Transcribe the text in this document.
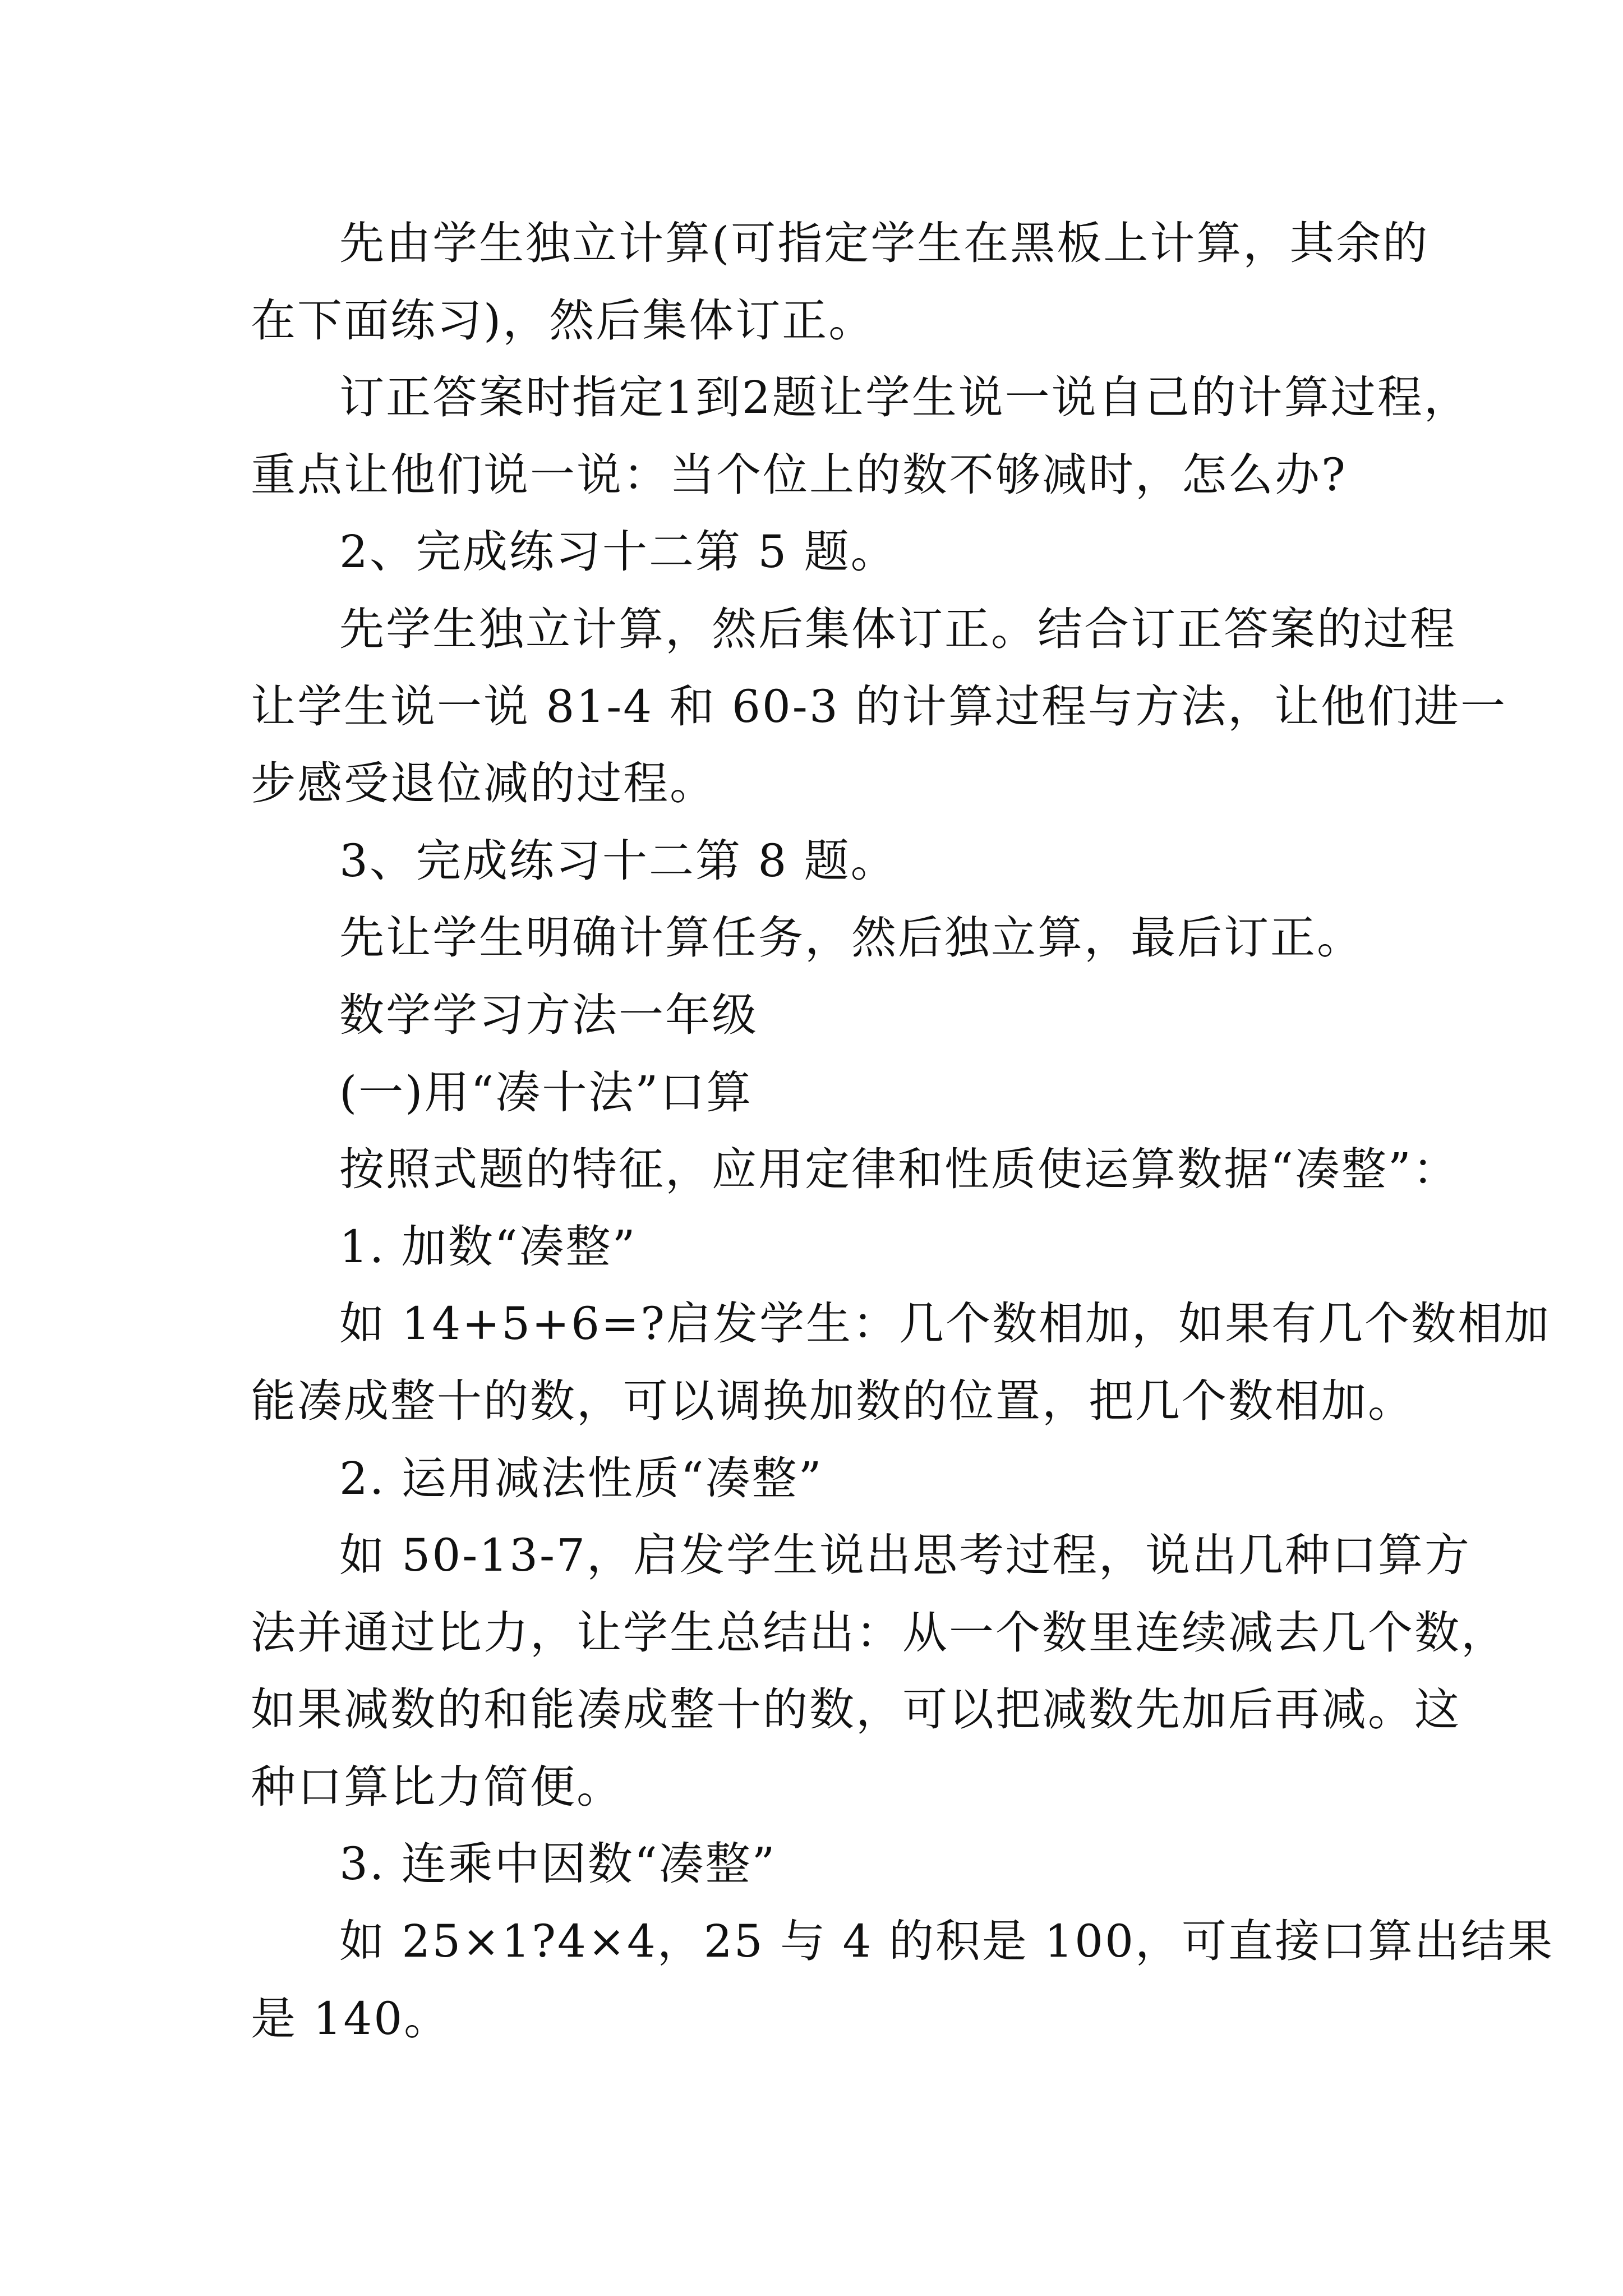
先由学生独立计算(可指定学生在黑板上计算，其余的
在下面练习)，然后集体订正。
订正答案时指定1到2题让学生说一说自己的计算过程，
重点让他们说一说：当个位上的数不够减时，怎么办?
2、完成练习十二第 5 题。
先学生独立计算，然后集体订正。结合订正答案的过程
让学生说一说 81-4 和 60-3 的计算过程与方法，让他们进一
步感受退位减的过程。
3、完成练习十二第 8 题。
先让学生明确计算任务，然后独立算，最后订正。
数学学习方法一年级
(一)用“凑十法”口算
按照式题的特征，应用定律和性质使运算数据“凑整”：
1. 加数“凑整”
如 14+5+6=?启发学生：几个数相加，如果有几个数相加
能凑成整十的数，可以调换加数的位置，把几个数相加。
2. 运用减法性质“凑整”
如 50-13-7，启发学生说出思考过程，说出几种口算方
法并通过比力，让学生总结出：从一个数里连续减去几个数，
如果减数的和能凑成整十的数，可以把减数先加后再减。这
种口算比力简便。
3. 连乘中因数“凑整”
如 25×1?4×4，25 与 4 的积是 100，可直接口算出结果
是 140。
